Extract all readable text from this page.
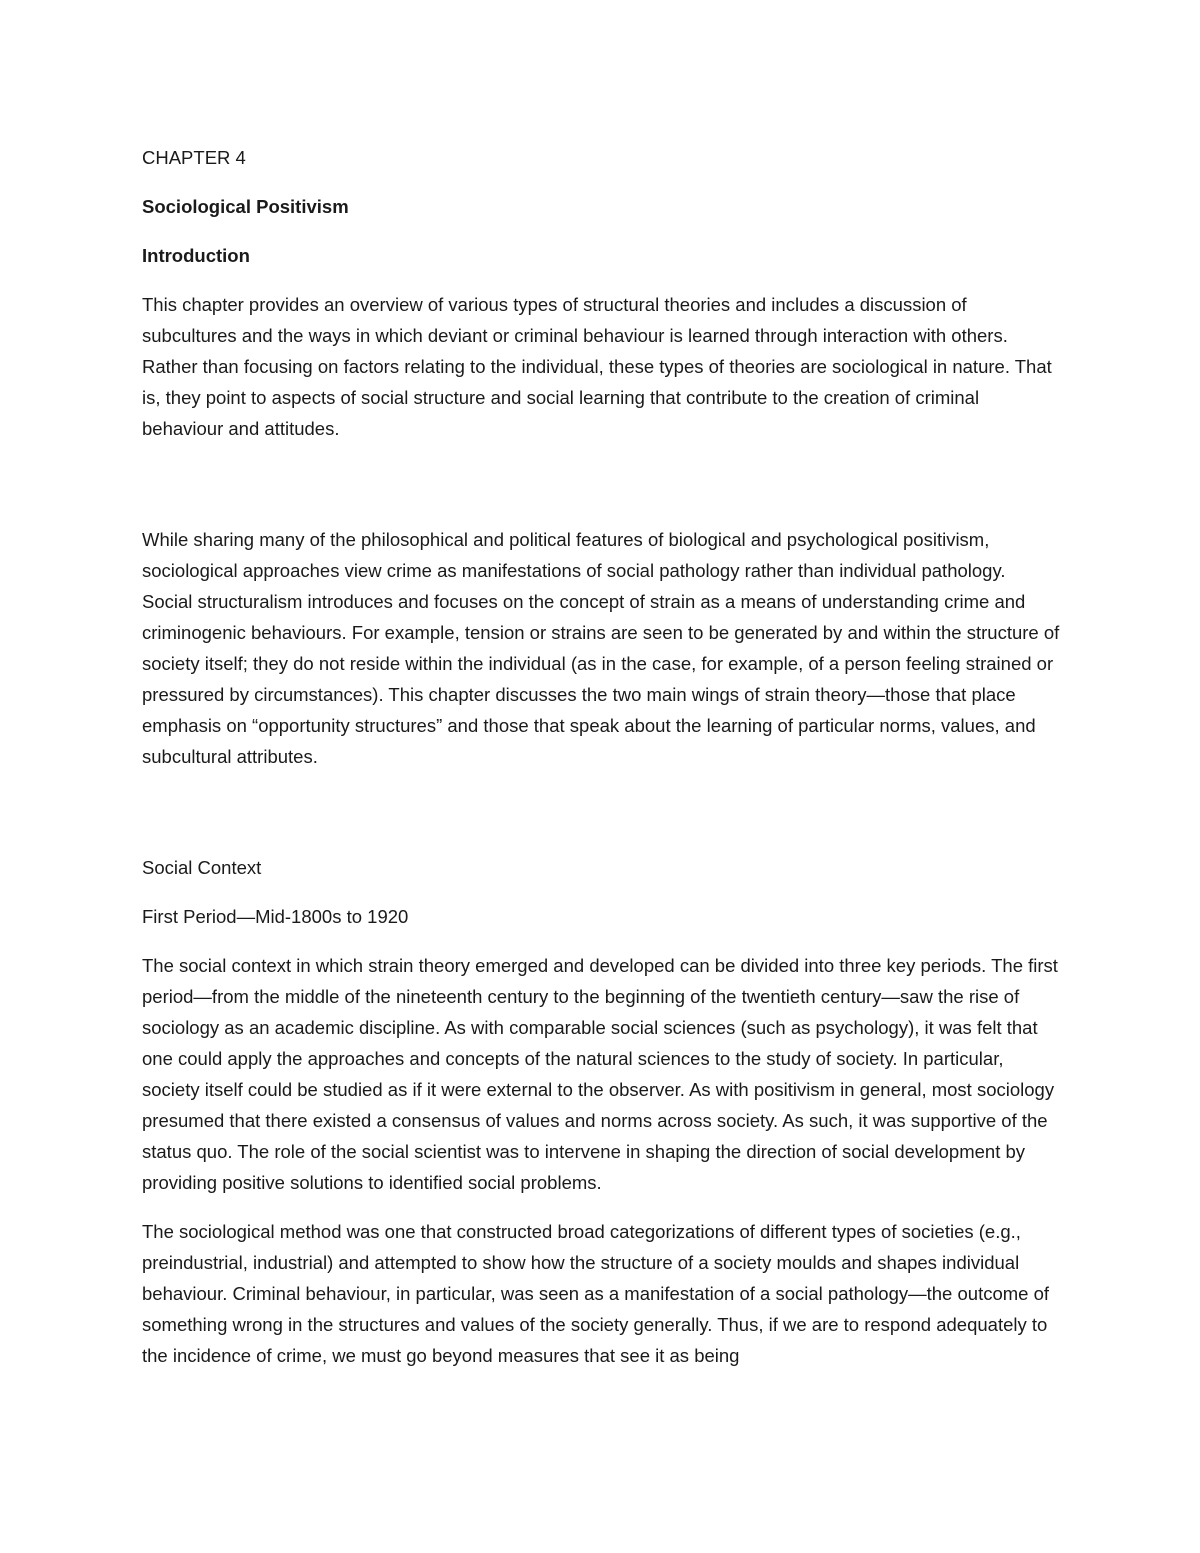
CHAPTER 4
Sociological Positivism
Introduction

This chapter provides an overview of various types of structural theories and includes a discussion of subcultures and the ways in which deviant or criminal behaviour is learned through interaction with others. Rather than focusing on factors relating to the individual, these types of theories are sociological in nature. That is, they point to aspects of social structure and social learning that contribute to the creation of criminal behaviour and attitudes.

While sharing many of the philosophical and political features of biological and psychological positivism, sociological approaches view crime as manifestations of social pathology rather than individual pathology. Social structuralism introduces and focuses on the concept of strain as a means of understanding crime and criminogenic behaviours. For example, tension or strains are seen to be generated by and within the structure of society itself; they do not reside within the individual (as in the case, for example, of a person feeling strained or pressured by circumstances). This chapter discusses the two main wings of strain theory—those that place emphasis on “opportunity structures” and those that speak about the learning of particular norms, values, and subcultural attributes.

Social Context
First Period—Mid-1800s to 1920

The social context in which strain theory emerged and developed can be divided into three key periods. The first period—from the middle of the nineteenth century to the beginning of the twentieth century—saw the rise of sociology as an academic discipline. As with comparable social sciences (such as psychology), it was felt that one could apply the approaches and concepts of the natural sciences to the study of society. In particular, society itself could be studied as if it were external to the observer. As with positivism in general, most sociology presumed that there existed a consensus of values and norms across society. As such, it was supportive of the status quo. The role of the social scientist was to intervene in shaping the direction of social development by providing positive solutions to identified social problems.

The sociological method was one that constructed broad categorizations of different types of societies (e.g., preindustrial, industrial) and attempted to show how the structure of a society moulds and shapes individual behaviour. Criminal behaviour, in particular, was seen as a manifestation of a social pathology—the outcome of something wrong in the structures and values of the society generally. Thus, if we are to respond adequately to the incidence of crime, we must go beyond measures that see it as being
